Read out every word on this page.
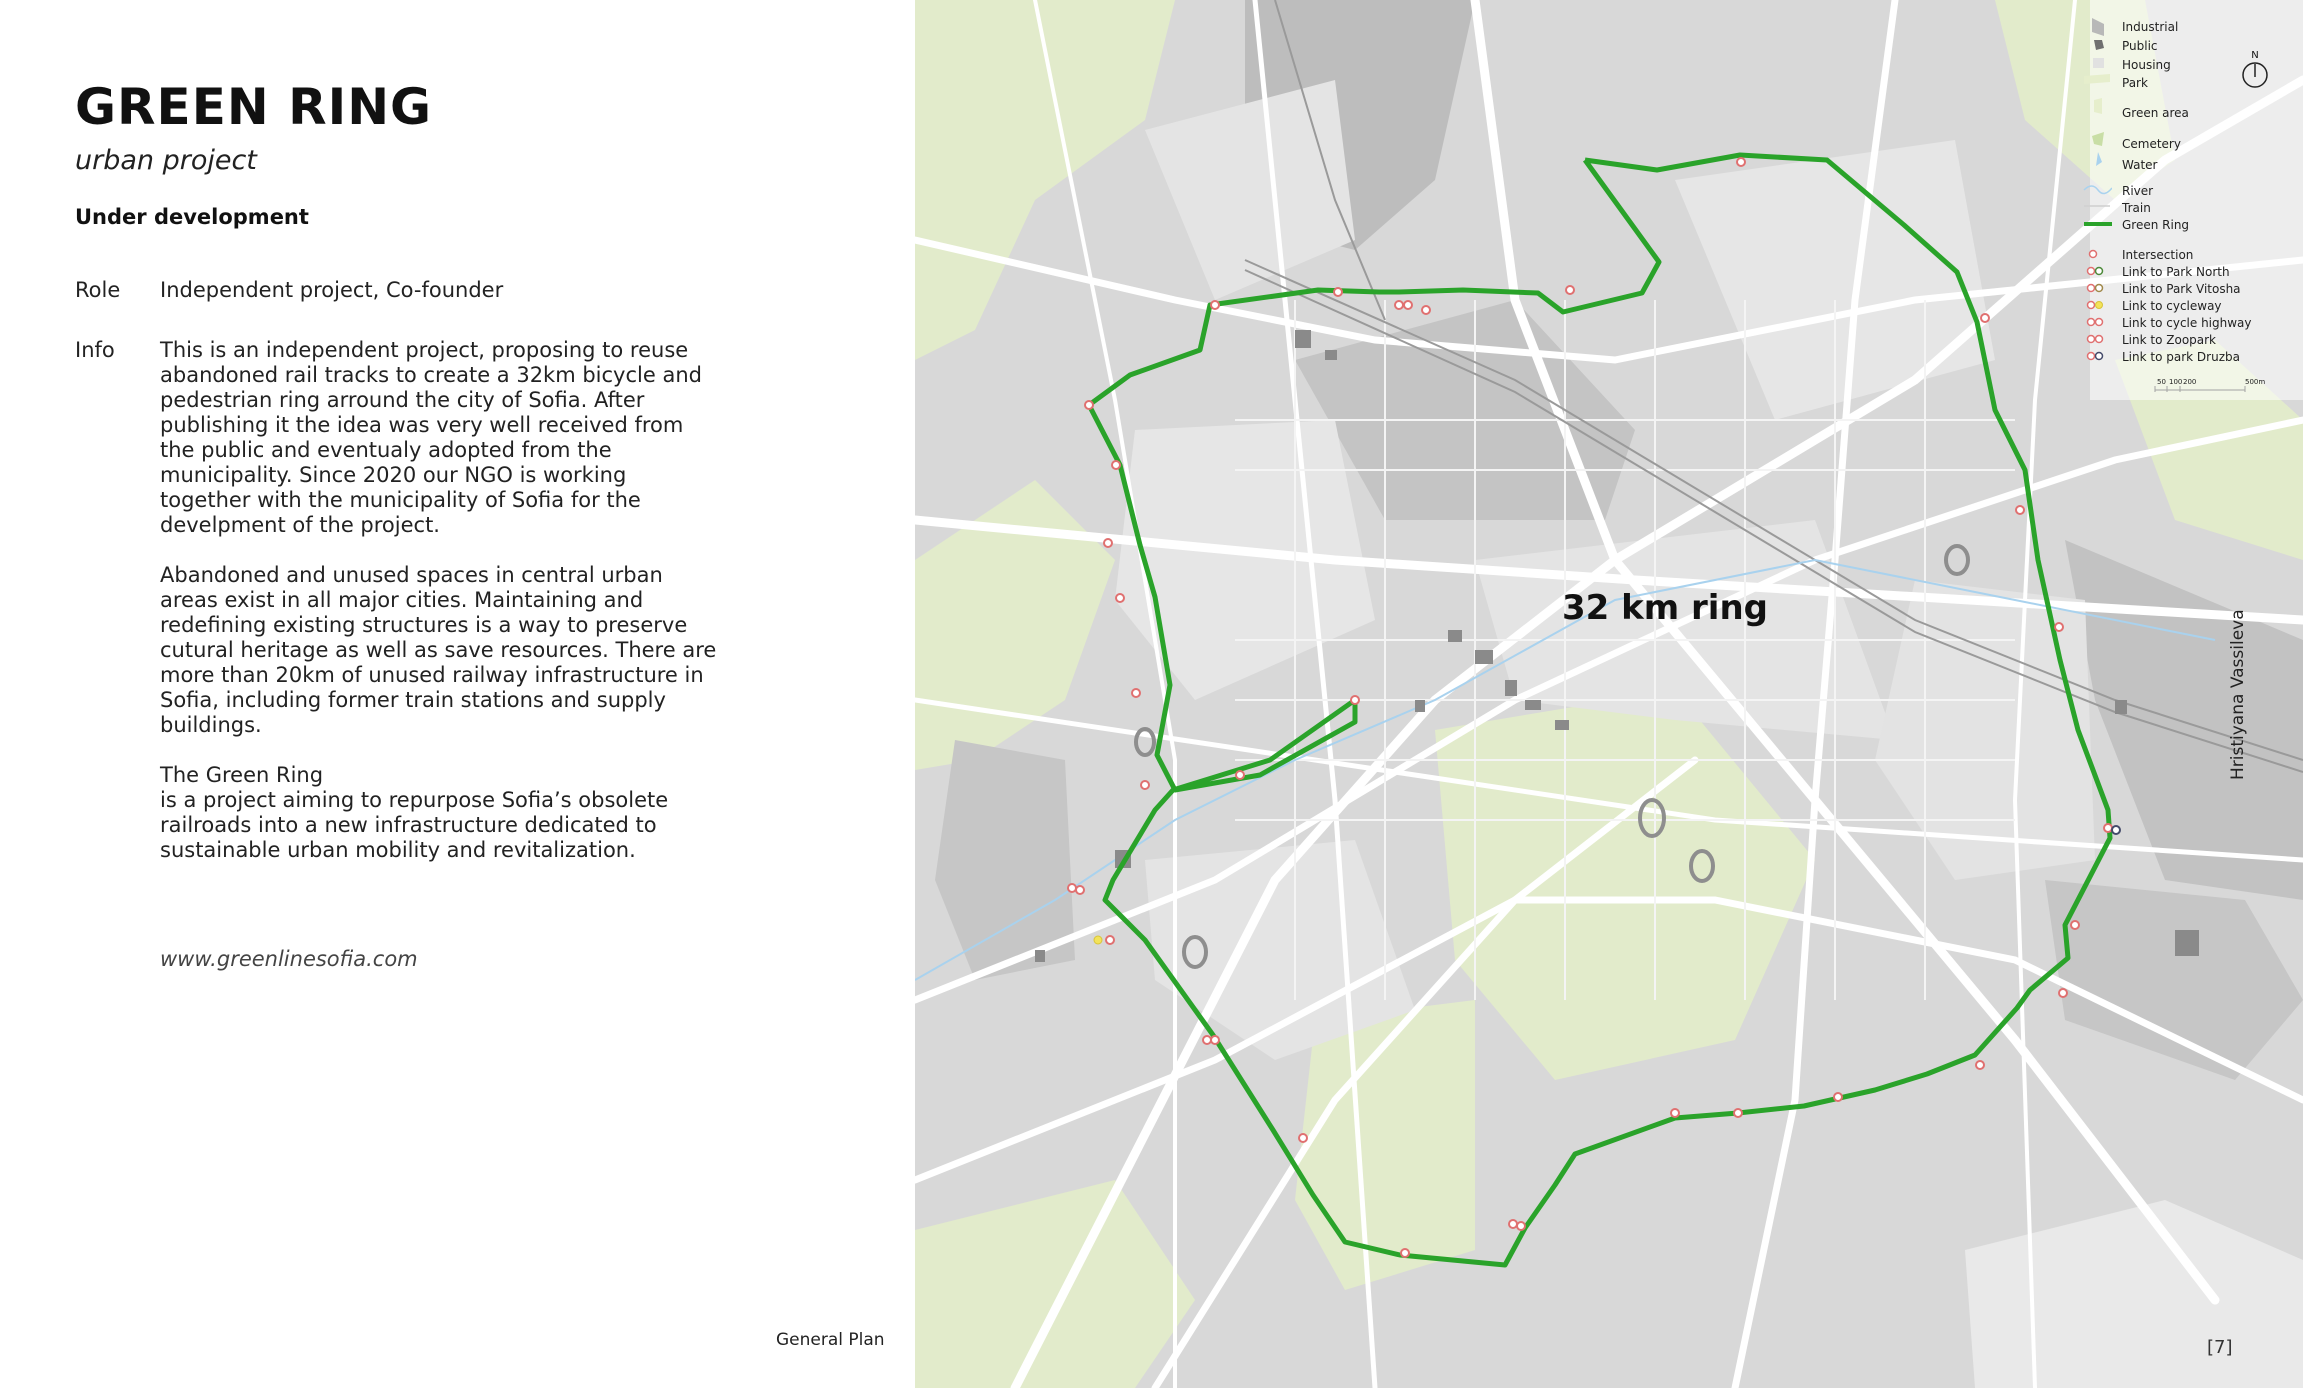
GREEN RING
urban project
Under development
Role Independent project, Co-founder
Info This is an independent project, proposing to reuse abandoned rail tracks to create a 32km bicycle and pedestrian ring arround the city of Sofia. After publishing it the idea was very well received from the public and eventualy adopted from the municipality. Since 2020 our NGO is working together with the municipality of Sofia for the develpment of the project.

Abandoned and unused spaces in central urban areas exist in all major cities. Maintaining and redefining existing structures is a way to preserve cutural heritage as well as save resources. There are more than 20km of unused railway infrastructure in Sofia, including former train stations and supply buildings.

The Green Ring
is a project aiming to repurpose Sofia’s obsolete railroads into a new infrastructure dedicated to sustainable urban mobility and revitalization.

www.greenlinesofia.com
General Plan
32 km ring
N
Industrial
Public
Housing
Park
Green area
Cemetery
Water
River
Train
Green Ring
Intersection
Link to Park North
Link to Park Vitosha
Link to cycleway
Link to cycle highway
Link to Zoopark
Link to park Druzba
50 100 200	500m
Hristiyana Vassileva
[7]
